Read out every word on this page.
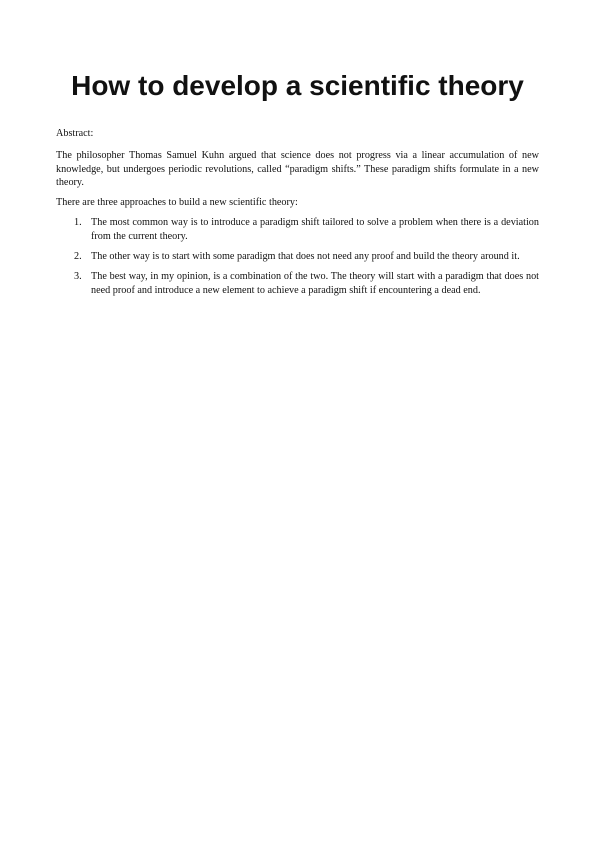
How to develop a scientific theory

Abstract:

The philosopher Thomas Samuel Kuhn argued that science does not progress via a linear accumulation of new knowledge, but undergoes periodic revolutions, called “paradigm shifts.” These paradigm shifts formulate in a new theory.

There are three approaches to build a new scientific theory:

1. The most common way is to introduce a paradigm shift tailored to solve a problem when there is a deviation from the current theory.
2. The other way is to start with some paradigm that does not need any proof and build the theory around it.
3. The best way, in my opinion, is a combination of the two. The theory will start with a paradigm that does not need proof and introduce a new element to achieve a paradigm shift if encountering a dead end.
